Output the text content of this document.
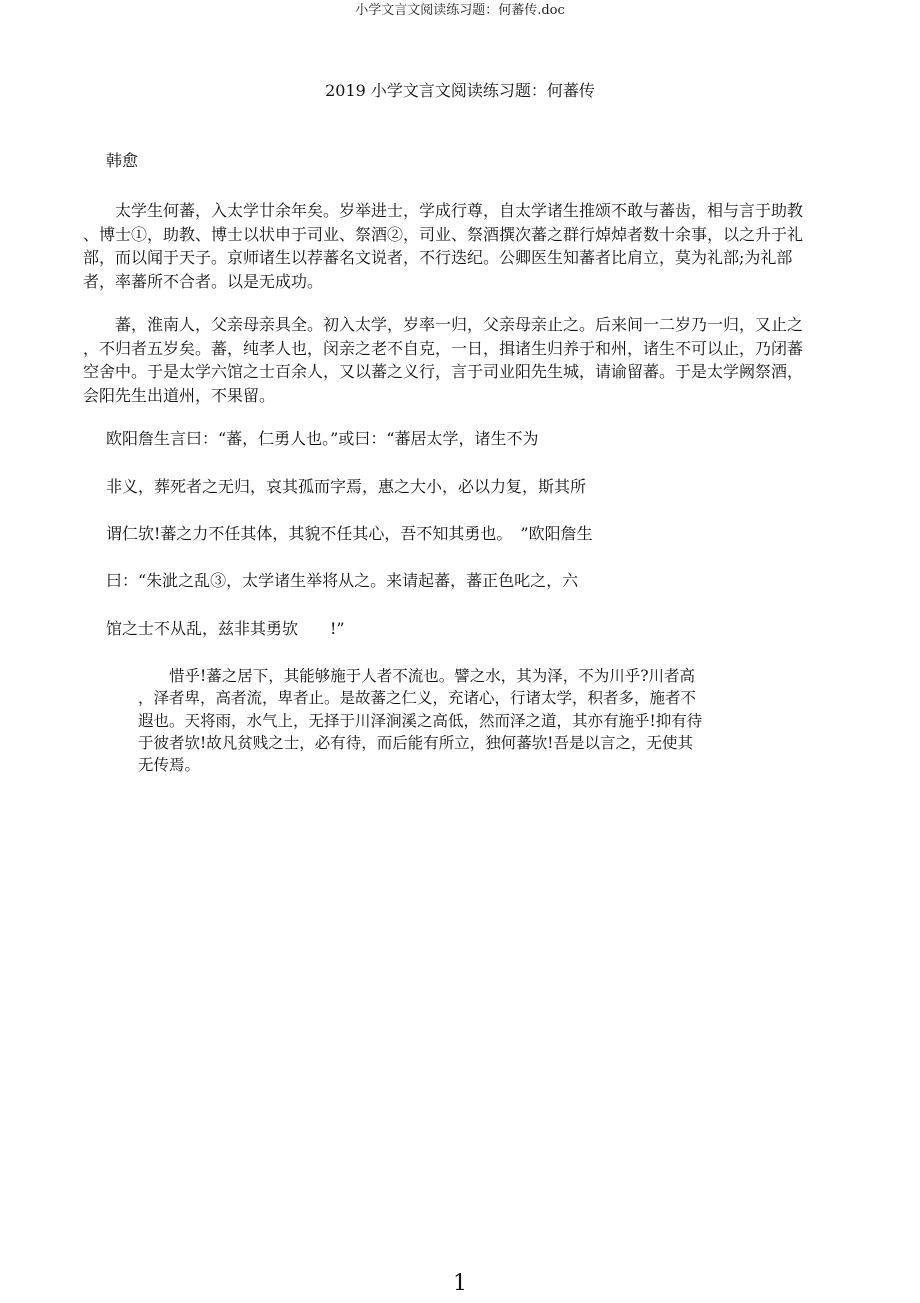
小学文言文阅读练习题：何蕃传.doc
2019 小学文言文阅读练习题：何蕃传
韩愈
　　太学生何蕃，入太学廿余年矣。岁举进士，学成行尊，自太学诸生推颂不敢与蕃齿，相与言于助教
、博士①，助教、博士以状申于司业、祭酒②，司业、祭酒撰次蕃之群行焯焯者数十余事，以之升于礼
部，而以闻于天子。京师诸生以荐蕃名文说者，不行迭纪。公卿医生知蕃者比肩立，莫为礼部;为礼部
者，率蕃所不合者。以是无成功。
　　蕃，淮南人，父亲母亲具全。初入太学，岁率一归，父亲母亲止之。后来间一二岁乃一归，又止之
，不归者五岁矣。蕃，纯孝人也，闵亲之老不自克，一日，揖诸生归养于和州，诸生不可以止，乃闭蕃
空舍中。于是太学六馆之士百余人，又以蕃之义行，言于司业阳先生城，请谕留蕃。于是太学阙祭酒，
会阳先生出道州，不果留。
欧阳詹生言曰：“蕃，仁勇人也。”或曰：“蕃居太学，诸生不为
非义，葬死者之无归，哀其孤而字焉，惠之大小，必以力复，斯其所
谓仁欤!蕃之力不任其体，其貌不任其心，吾不知其勇也。　”欧阳詹生
曰：“朱泚之乱③，太学诸生举将从之。来请起蕃，蕃正色叱之，六
馆之士不从乱，兹非其勇欤　　!”
　　惜乎!蕃之居下，其能够施于人者不流也。譬之水，其为泽，不为川乎?川者高
，泽者卑，高者流，卑者止。是故蕃之仁义，充诸心，行诸太学，积者多，施者不
遐也。天将雨，水气上，无择于川泽涧溪之高低，然而泽之道，其亦有施乎!抑有待
于彼者欤!故凡贫贱之士，必有待，而后能有所立，独何蕃欤!吾是以言之，无使其
无传焉。
1
